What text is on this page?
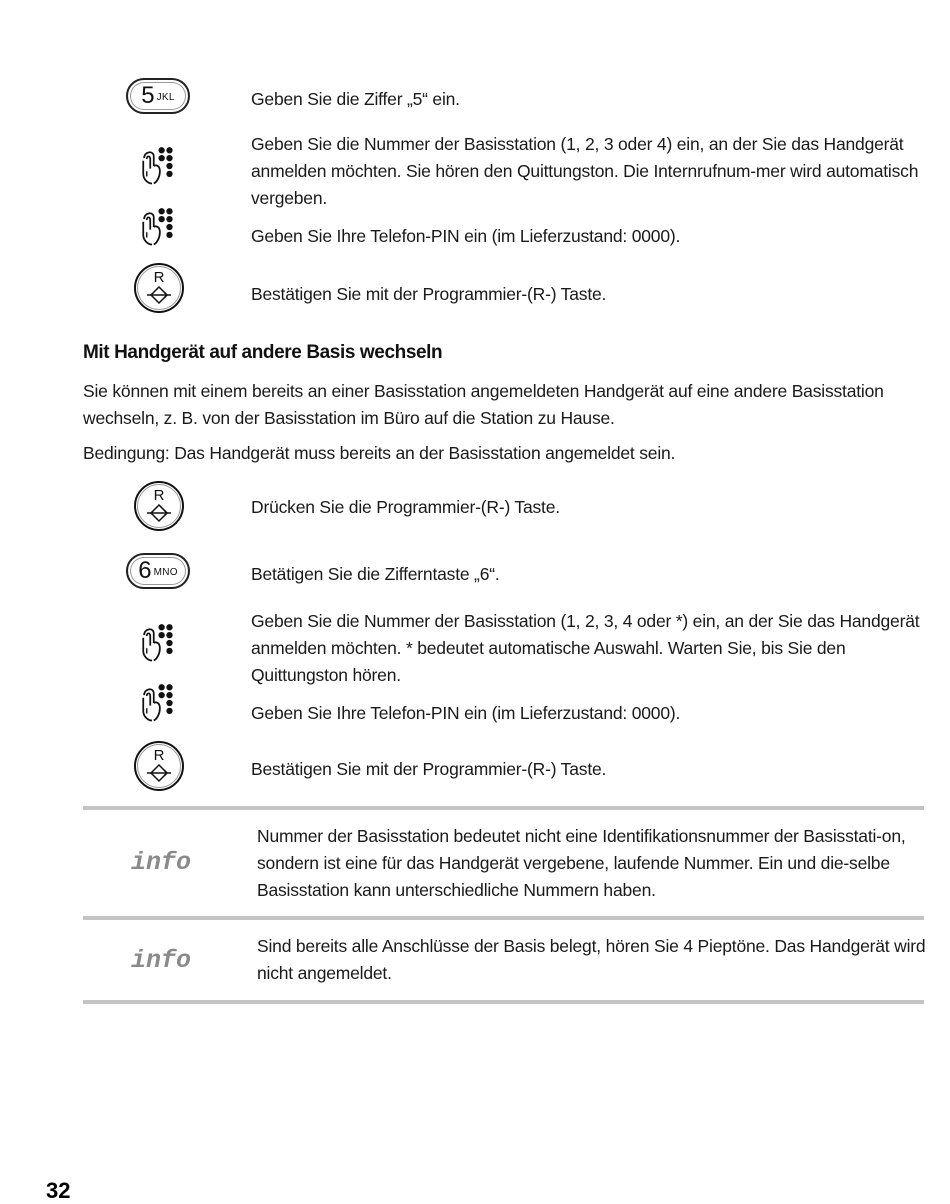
5 JKL	Geben Sie die Ziffer „5“ ein.
Geben Sie die Nummer der Basisstation (1, 2, 3 oder 4) ein, an der Sie das Handgerät anmelden möchten. Sie hören den Quittungston. Die Internrufnum-mer wird automatisch vergeben.
Geben Sie Ihre Telefon-PIN ein (im Lieferzustand: 0000).
Bestätigen Sie mit der Programmier-(R-) Taste.
Mit Handgerät auf andere Basis wechseln
Sie können mit einem bereits an einer Basisstation angemeldeten Handgerät auf eine andere Basisstation wechseln, z. B. von der Basisstation im Büro auf die Station zu Hause.
Bedingung: Das Handgerät muss bereits an der Basisstation angemeldet sein.
Drücken Sie die Programmier-(R-) Taste.
6 MNO	Betätigen Sie die Zifferntaste „6“.
Geben Sie die Nummer der Basisstation (1, 2, 3, 4 oder *) ein, an der Sie das Handgerät anmelden möchten. * bedeutet automatische Auswahl. Warten Sie, bis Sie den Quittungston hören.
Geben Sie Ihre Telefon-PIN ein (im Lieferzustand: 0000).
Bestätigen Sie mit der Programmier-(R-) Taste.
info
Nummer der Basisstation bedeutet nicht eine Identifikationsnummer der Basisstati-on, sondern ist eine für das Handgerät vergebene, laufende Nummer. Ein und die-selbe Basisstation kann unterschiedliche Nummern haben.
info	Sind bereits alle Anschlüsse der Basis belegt, hören Sie 4 Pieptöne. Das Handgerät wird nicht angemeldet.
32
